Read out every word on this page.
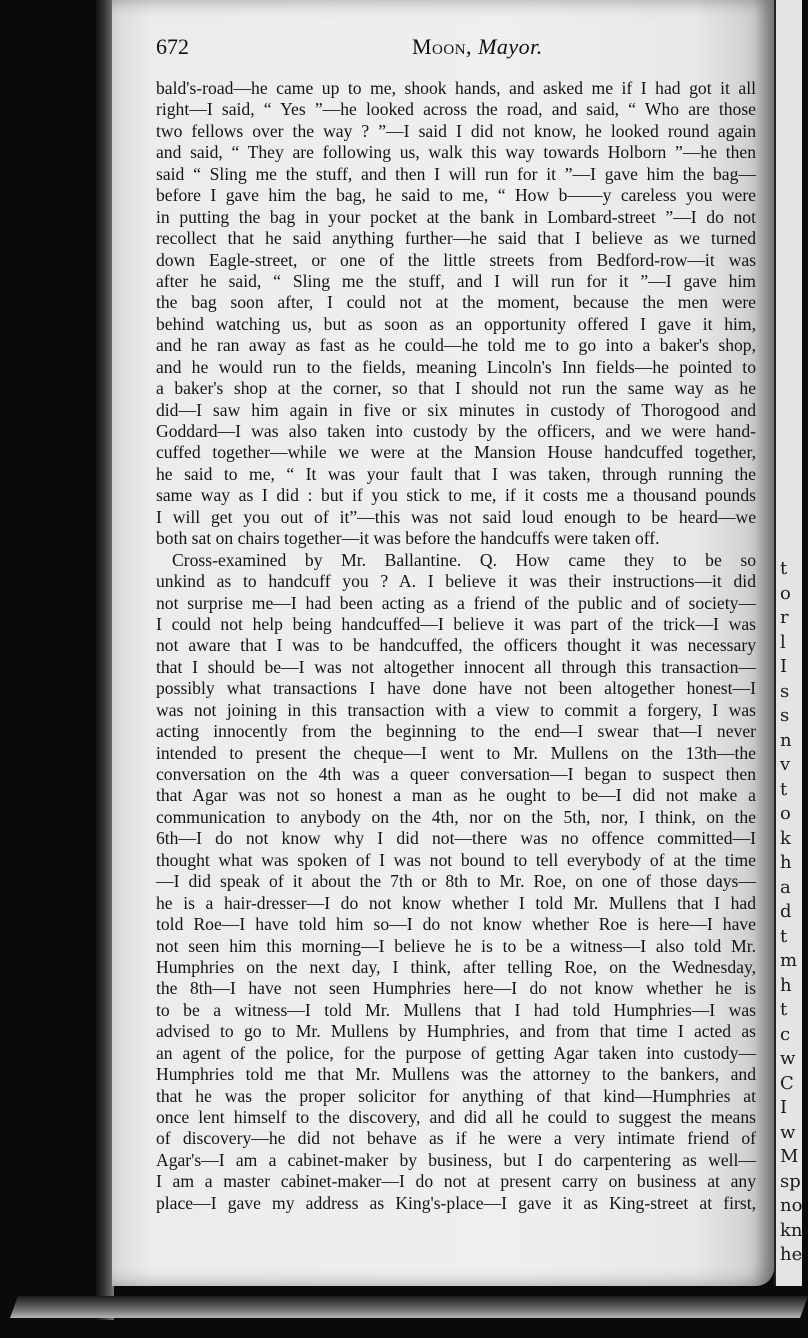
672	Moon, Mayor.
bald's-road—he came up to me, shook hands, and asked me if I had got it all
right—I said, “ Yes ”—he looked across the road, and said, “ Who are those
two fellows over the way ? ”—I said I did not know, he looked round again
and said, “ They are following us, walk this way towards Holborn ”—he then
said “ Sling me the stuff, and then I will run for it ”—I gave him the bag—
before I gave him the bag, he said to me, “ How b——y careless you were
in putting the bag in your pocket at the bank in Lombard-street ”—I do not
recollect that he said anything further—he said that I believe as we turned
down Eagle-street, or one of the little streets from Bedford-row—it was
after he said, “ Sling me the stuff, and I will run for it ”—I gave him
the bag soon after, I could not at the moment, because the men were
behind watching us, but as soon as an opportunity offered I gave it him,
and he ran away as fast as he could—he told me to go into a baker's shop,
and he would run to the fields, meaning Lincoln's Inn fields—he pointed to
a baker's shop at the corner, so that I should not run the same way as he
did—I saw him again in five or six minutes in custody of Thorogood and
Goddard—I was also taken into custody by the officers, and we were hand-
cuffed together—while we were at the Mansion House handcuffed together,
he said to me, “ It was your fault that I was taken, through running the
same way as I did : but if you stick to me, if it costs me a thousand pounds
I will get you out of it”—this was not said loud enough to be heard—we
both sat on chairs together—it was before the handcuffs were taken off.
Cross-examined by Mr. Ballantine. Q. How came they to be so
unkind as to handcuff you ? A. I believe it was their instructions—it did
not surprise me—I had been acting as a friend of the public and of society—
I could not help being handcuffed—I believe it was part of the trick—I was
not aware that I was to be handcuffed, the officers thought it was necessary
that I should be—I was not altogether innocent all through this transaction—
possibly what transactions I have done have not been altogether honest—I
was not joining in this transaction with a view to commit a forgery, I was
acting innocently from the beginning to the end—I swear that—I never
intended to present the cheque—I went to Mr. Mullens on the 13th—the
conversation on the 4th was a queer conversation—I began to suspect then
that Agar was not so honest a man as he ought to be—I did not make a
communication to anybody on the 4th, nor on the 5th, nor, I think, on the
6th—I do not know why I did not—there was no offence committed—I
thought what was spoken of I was not bound to tell everybody of at the time
—I did speak of it about the 7th or 8th to Mr. Roe, on one of those days—
he is a hair-dresser—I do not know whether I told Mr. Mullens that I had
told Roe—I have told him so—I do not know whether Roe is here—I have
not seen him this morning—I believe he is to be a witness—I also told Mr.
Humphries on the next day, I think, after telling Roe, on the Wednesday,
the 8th—I have not seen Humphries here—I do not know whether he is
to be a witness—I told Mr. Mullens that I had told Humphries—I was
advised to go to Mr. Mullens by Humphries, and from that time I acted as
an agent of the police, for the purpose of getting Agar taken into custody—
Humphries told me that Mr. Mullens was the attorney to the bankers, and
that he was the proper solicitor for anything of that kind—Humphries at
once lent himself to the discovery, and did all he could to suggest the means
of discovery—he did not behave as if he were a very intimate friend of
Agar's—I am a cabinet-maker by business, but I do carpentering as well—
I am a master cabinet-maker—I do not at present carry on business at any
place—I gave my address as King's-place—I gave it as King-street at first,
t
o
r
l
I
s
s
n
v
t
o
k
h
a
d
t
m
h
t
c
w
C
I
w
M
sp
no
kn
he
